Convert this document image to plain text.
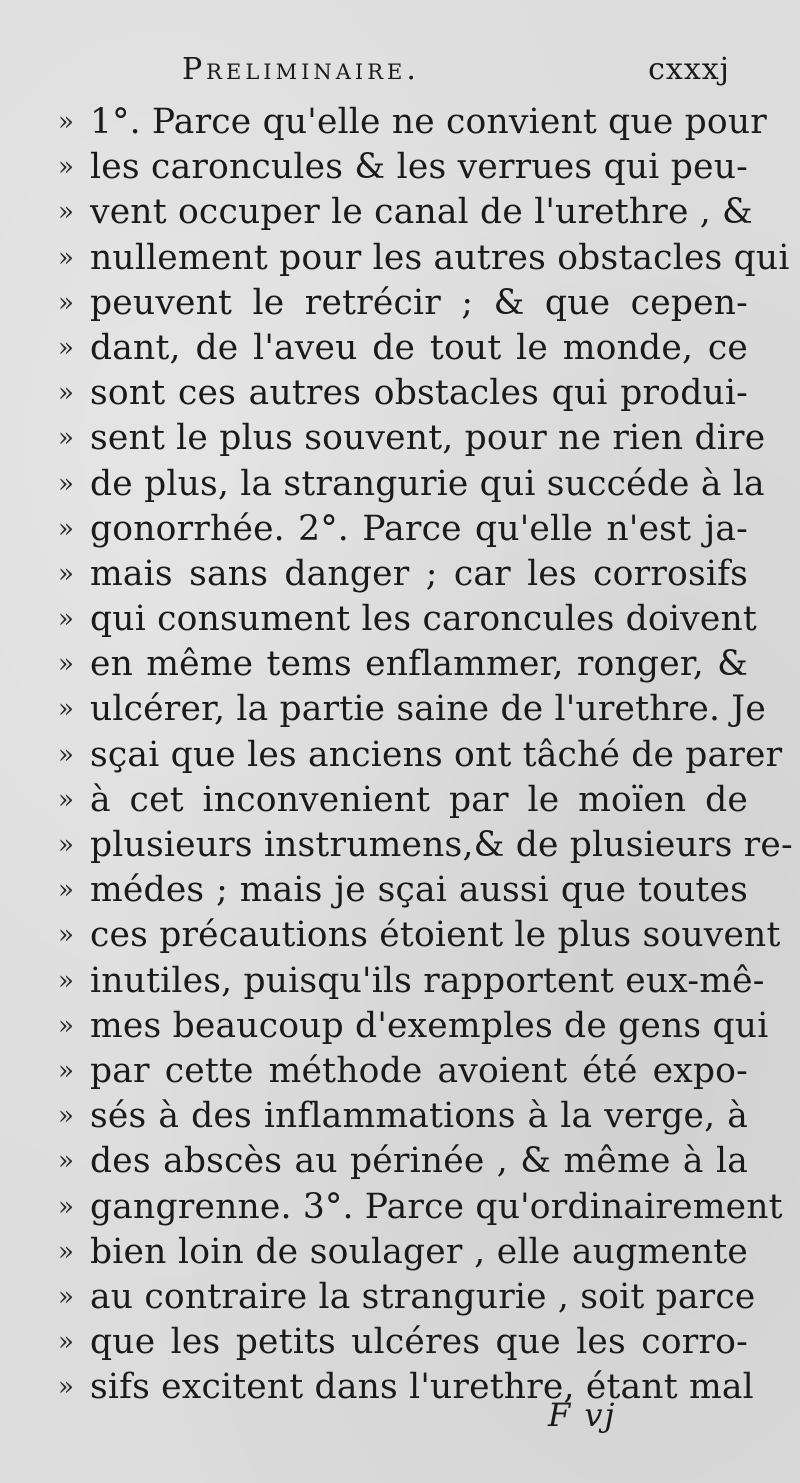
Preliminaire.	cxxxj
» 1°. Parce qu'elle ne convient que pour
» les caroncules & les verrues qui peu-
» vent occuper le canal de l'urethre , &
» nullement pour les autres obstacles qui
» peuvent le retrécir ; & que cepen-
» dant, de l'aveu de tout le monde, ce
» sont ces autres obstacles qui produi-
» sent le plus souvent, pour ne rien dire
» de plus, la strangurie qui succéde à la
» gonorrhée. 2°. Parce qu'elle n'est ja-
» mais sans danger ; car les corrosifs
» qui consument les caroncules doivent
» en même tems enflammer, ronger, &
» ulcérer, la partie saine de l'urethre. Je
» sçai que les anciens ont tâché de parer
» à cet inconvenient par le moïen de
» plusieurs instrumens,& de plusieurs re-
» médes ; mais je sçai aussi que toutes
» ces précautions étoient le plus souvent
» inutiles, puisqu'ils rapportent eux-mê-
» mes beaucoup d'exemples de gens qui
» par cette méthode avoient été expo-
» sés à des inflammations à la verge, à
» des abscès au périnée , & même à la
» gangrenne. 3°. Parce qu'ordinairement
» bien loin de soulager , elle augmente
» au contraire la strangurie , soit parce
» que les petits ulcéres que les corro-
» sifs excitent dans l'urethre, étant mal
F vj
